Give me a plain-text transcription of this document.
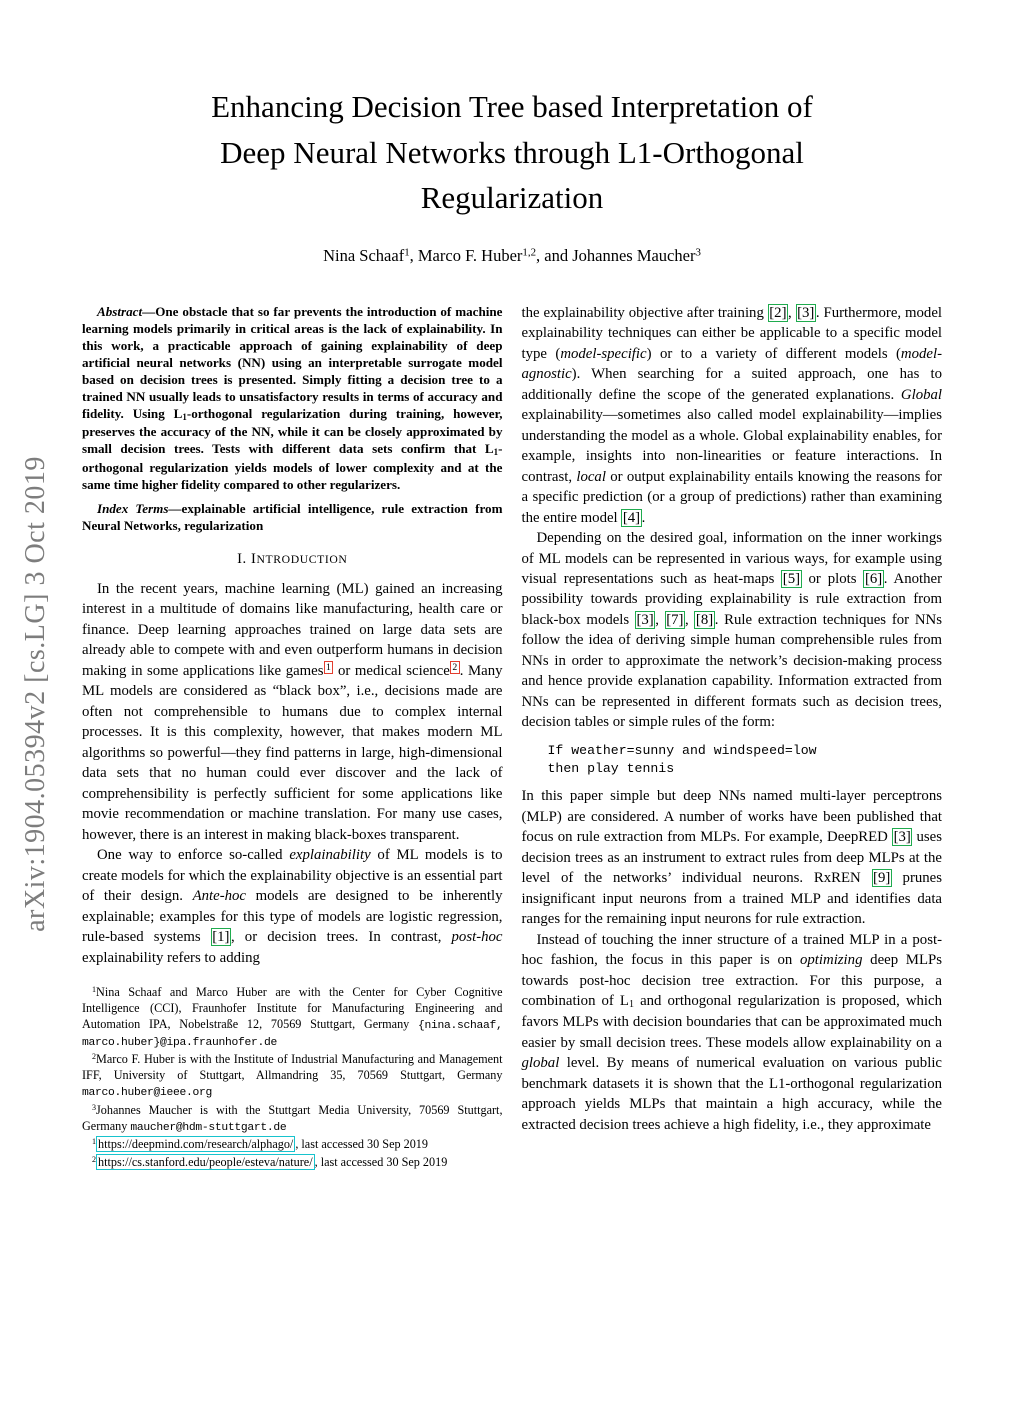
arXiv:1904.05394v2 [cs.LG] 3 Oct 2019
Enhancing Decision Tree based Interpretation of
Deep Neural Networks through L1-Orthogonal
Regularization
Nina Schaaf$^1$, Marco F. Huber$^{1,2}$, and Johannes Maucher$^3$

Abstract—One obstacle that so far prevents the introduction of machine learning models primarily in critical areas is the lack of explainability. In this work, a practicable approach of gaining explainability of deep artificial neural networks (NN) using an interpretable surrogate model based on decision trees is presented. Simply fitting a decision tree to a trained NN usually leads to unsatisfactory results in terms of accuracy and fidelity. Using $L_1$-orthogonal regularization during training, however, preserves the accuracy of the NN, while it can be closely approximated by small decision trees. Tests with different data sets confirm that $L_1$-orthogonal regularization yields models of lower complexity and at the same time higher fidelity compared to other regularizers.

Index Terms—explainable artificial intelligence, rule extraction from Neural Networks, regularization

I. INTRODUCTION

In the recent years, machine learning (ML) gained an increasing interest in a multitude of domains like manufacturing, health care or finance. Deep learning approaches trained on large data sets are already able to compete with and even outperform humans in decision making in some applications like games $^1$ or medical science $^2$ . Many ML models are considered as “black box”, i.e., decisions made are often not comprehensible to humans due to complex internal processes. It is this complexity, however, that makes modern ML algorithms so powerful—they find patterns in large, high-dimensional data sets that no human could ever discover and the lack of comprehensibility is perfectly sufficient for some applications like movie recommendation or machine translation. For many use cases, however, there is an interest in making black-boxes transparent.

One way to enforce so-called explainability of ML models is to create models for which the explainability objective is an essential part of their design. Ante-hoc models are designed to be inherently explainable; examples for this type of models are logistic regression, rule-based systems [1] , or decision trees. In contrast, post-hoc explainability refers to adding

$^1$Nina Schaaf and Marco Huber are with the Center for Cyber Cognitive Intelligence (CCI), Fraunhofer Institute for Manufacturing Engineering and Automation IPA, Nobelstraße 12, 70569 Stuttgart, Germany {nina.schaaf, marco.huber}@ipa.fraunhofer.de

$^2$Marco F. Huber is with the Institute of Industrial Manufacturing and Management IFF, University of Stuttgart, Allmandring 35, 70569 Stuttgart, Germany marco.huber@ieee.org

$^3$Johannes Maucher is with the Stuttgart Media University, 70569 Stuttgart, Germany maucher@hdm-stuttgart.de

$^1$ https://deepmind.com/research/alphago/ , last accessed 30 Sep 2019

$^2$ https://cs.stanford.edu/people/esteva/nature/ , last accessed 30 Sep 2019

the explainability objective after training [2] , [3] . Furthermore, model explainability techniques can either be applicable to a specific model type (model-specific) or to a variety of different models (model-agnostic). When searching for a suited approach, one has to additionally define the scope of the generated explanations. Global explainability—sometimes also called model explainability—implies understanding the model as a whole. Global explainability enables, for example, insights into non-linearities or feature interactions. In contrast, local or output explainability entails knowing the reasons for a specific prediction (or a group of predictions) rather than examining the entire model [4] .

Depending on the desired goal, information on the inner workings of ML models can be represented in various ways, for example using visual representations such as heat-maps [5] or plots [6] . Another possibility towards providing explainability is rule extraction from black-box models [3] , [7] , [8] . Rule extraction techniques for NNs follow the idea of deriving simple human comprehensible rules from NNs in order to approximate the network’s decision-making process and hence provide explanation capability. Information extracted from NNs can be represented in different formats such as decision trees, decision tables or simple rules of the form:

If weather=sunny and windspeed=low
then play tennis

In this paper simple but deep NNs named multi-layer perceptrons (MLP) are considered. A number of works have been published that focus on rule extraction from MLPs. For example, DeepRED [3] uses decision trees as an instrument to extract rules from deep MLPs at the level of the networks’ individual neurons. RxREN [9] prunes insignificant input neurons from a trained MLP and identifies data ranges for the remaining input neurons for rule extraction.

Instead of touching the inner structure of a trained MLP in a post-hoc fashion, the focus in this paper is on optimizing deep MLPs towards post-hoc decision tree extraction. For this purpose, a combination of $L_1$ and orthogonal regularization is proposed, which favors MLPs with decision boundaries that can be approximated much easier by small decision trees. These models allow explainability on a global level. By means of numerical evaluation on various public benchmark datasets it is shown that the L1-orthogonal regularization approach yields MLPs that maintain a high accuracy, while the extracted decision trees achieve a high fidelity, i.e., they approximate
